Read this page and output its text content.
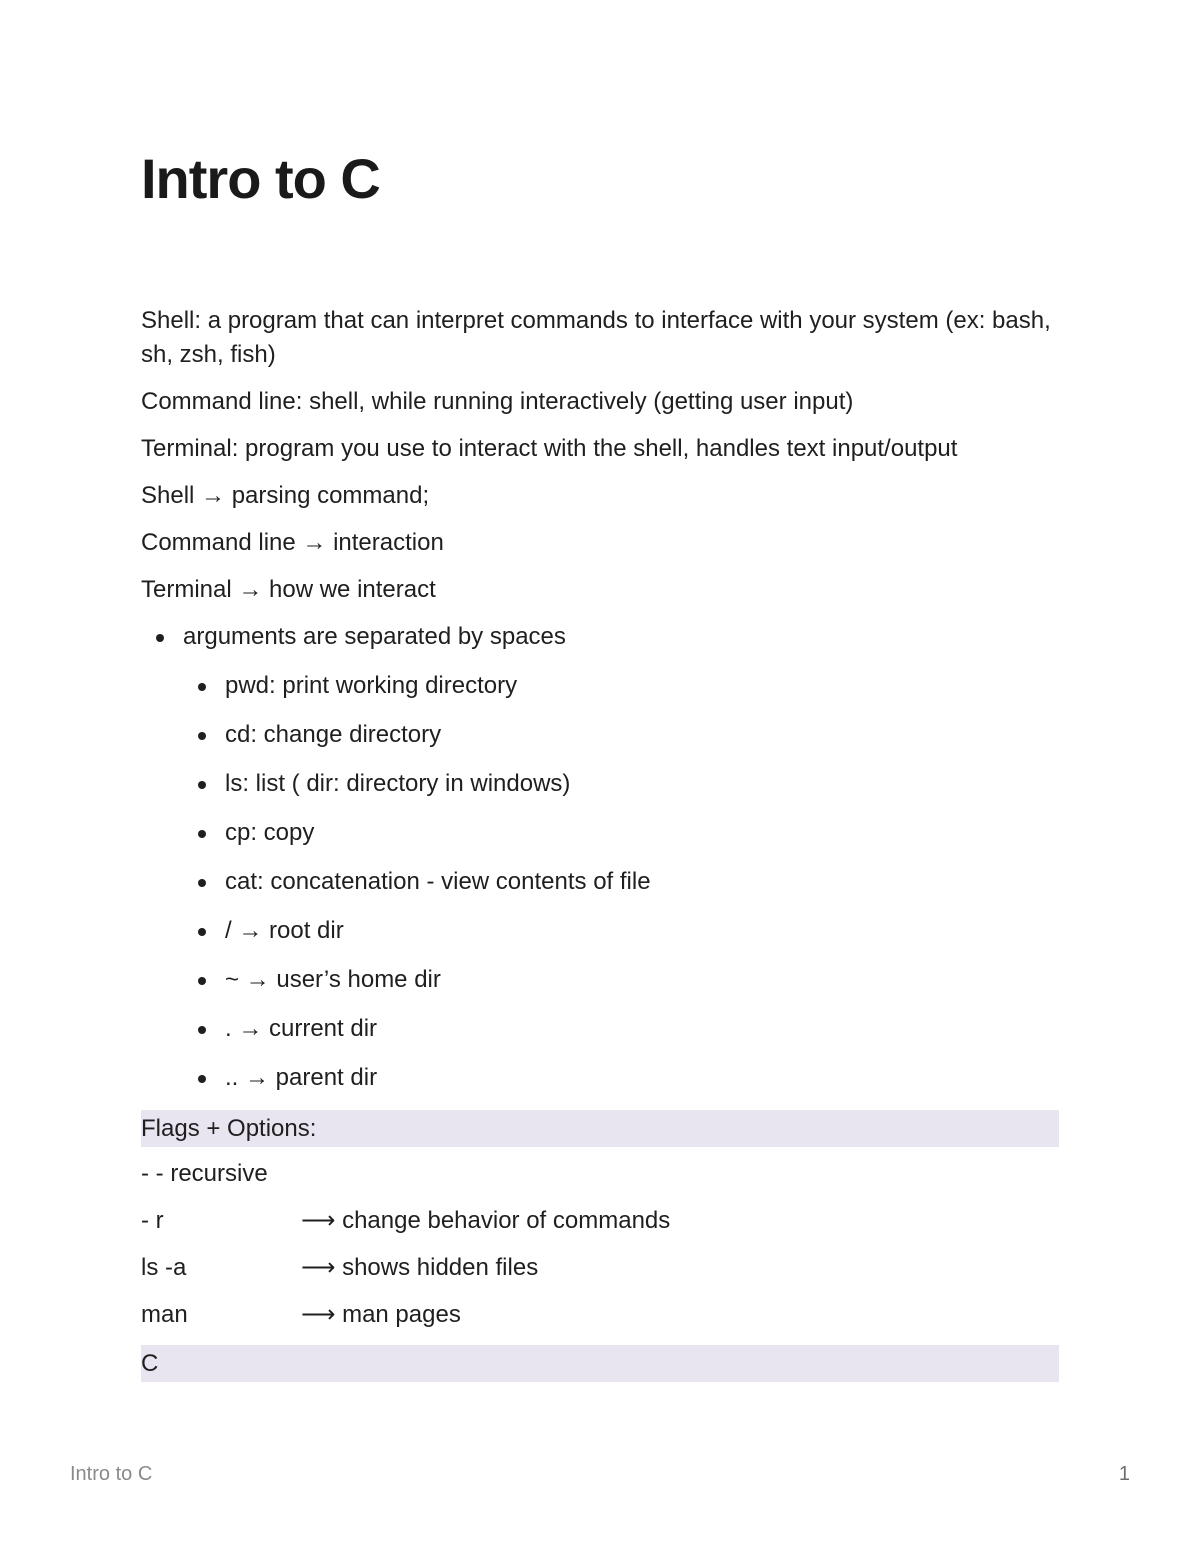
Intro to C

Shell: a program that can interpret commands to interface with your system (ex: bash, sh, zsh, fish)

Command line: shell, while running interactively (getting user input)

Terminal: program you use to interact with the shell, handles text input/output

Shell → parsing command;

Command line → interaction

Terminal → how we interact

arguments are separated by spaces
pwd: print working directory
cd: change directory
ls: list ( dir: directory in windows)
cp: copy
cat: concatenation - view contents of file
/ → root dir
~ → user’s home dir
. → current dir
.. → parent dir
Flags + Options:

- - recursive

- r	⟶ change behavior of commands
ls -a	⟶ shows hidden files
man	⟶ man pages
C
Intro to C	1
